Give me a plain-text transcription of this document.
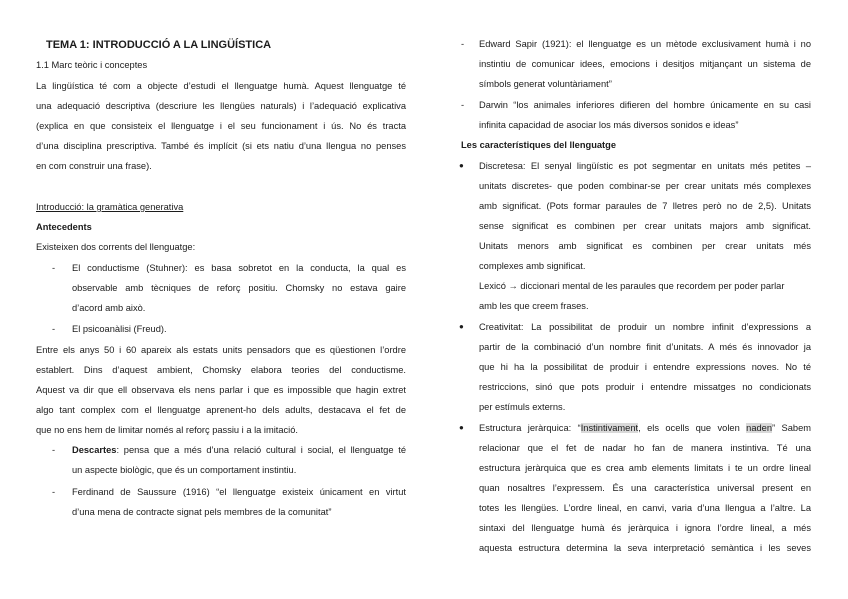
TEMA 1: INTRODUCCIÓ A LA LINGÜÍSTICA
1.1 Marc teòric i conceptes
La lingüística té com a objecte d’estudi el llenguatge humà. Aquest llenguatge té
una adequació descriptiva (descriure les llengües naturals) i l’adequació explicativa
(explica en que consisteix el llenguatge i el seu funcionament i ús. No és tracta
d’una disciplina prescriptiva. També és implícit (si ets natiu d’una llengua no penses
en com construir una frase).
Introducció: la gramàtica generativa
Antecedents
Existeixen dos corrents del llenguatge:
- El conductisme (Stuhner): es basa sobretot en la conducta, la qual es
observable amb tècniques de reforç positiu. Chomsky no estava gaire
d’acord amb això.
- El psicoanàlisi (Freud).
Entre els anys 50 i 60 apareix als estats units pensadors que es qüestionen l’ordre
establert. Dins d’aquest ambient, Chomsky elabora teories del conductisme.
Aquest va dir que ell observava els nens parlar i que es impossible que hagin extret
algo tant complex com el llenguatge aprenent-ho dels adults, destacava el fet de
que no ens hem de limitar només al reforç passiu i a la imitació.
- Descartes: pensa que a més d’una relació cultural i social, el llenguatge té
un aspecte biològic, que és un comportament instintiu.
- Ferdinand de Saussure (1916) “el llenguatge existeix únicament en virtut
d’una mena de contracte signat pels membres de la comunitat”
- Edward Sapir (1921): el llenguatge es un mètode exclusivament humà i no
instintiu de comunicar idees, emocions i desitjos mitjançant un sistema de
símbols generat voluntàriament”
- Darwin “los animales inferiores difieren del hombre únicamente en su casi
infinita capacidad de asociar los más diversos sonidos e ideas”
Les característiques del llenguatge
● Discretesa: El senyal lingüístic es pot segmentar en unitats més petites –
unitats discretes- que poden combinar-se per crear unitats més complexes
amb significat. (Pots formar paraules de 7 lletres però no de 2,5). Unitats
sense significat es combinen per crear unitats majors amb significat.
Unitats menors amb significat es combinen per crear unitats més
complexes amb significat.
Lexicó → diccionari mental de les paraules que recordem per poder parlar
amb les que creem frases.
● Creativitat: La possibilitat de produir un nombre infinit d’expressions a
partir de la combinació d’un nombre finit d’unitats. A més és innovador ja
que hi ha la possibilitat de produir i entendre expressions noves. No té
restriccions, sinó que pots produir i entendre missatges no condicionats
per estímuls externs.
● Estructura jeràrquica: “Instintivament, els ocells que volen naden” Sabem
relacionar que el fet de nadar ho fan de manera instintiva. Té una
estructura jeràrquica que es crea amb elements limitats i te un ordre lineal
quan nosaltres l’expressem. És una característica universal present en
totes les llengües. L’ordre lineal, en canvi, varia d’una llengua a l’altre. La
sintaxi del llenguatge humà és jeràrquica i ignora l’ordre lineal, a més
aquesta estructura determina la seva interpretació semàntica i les seves
